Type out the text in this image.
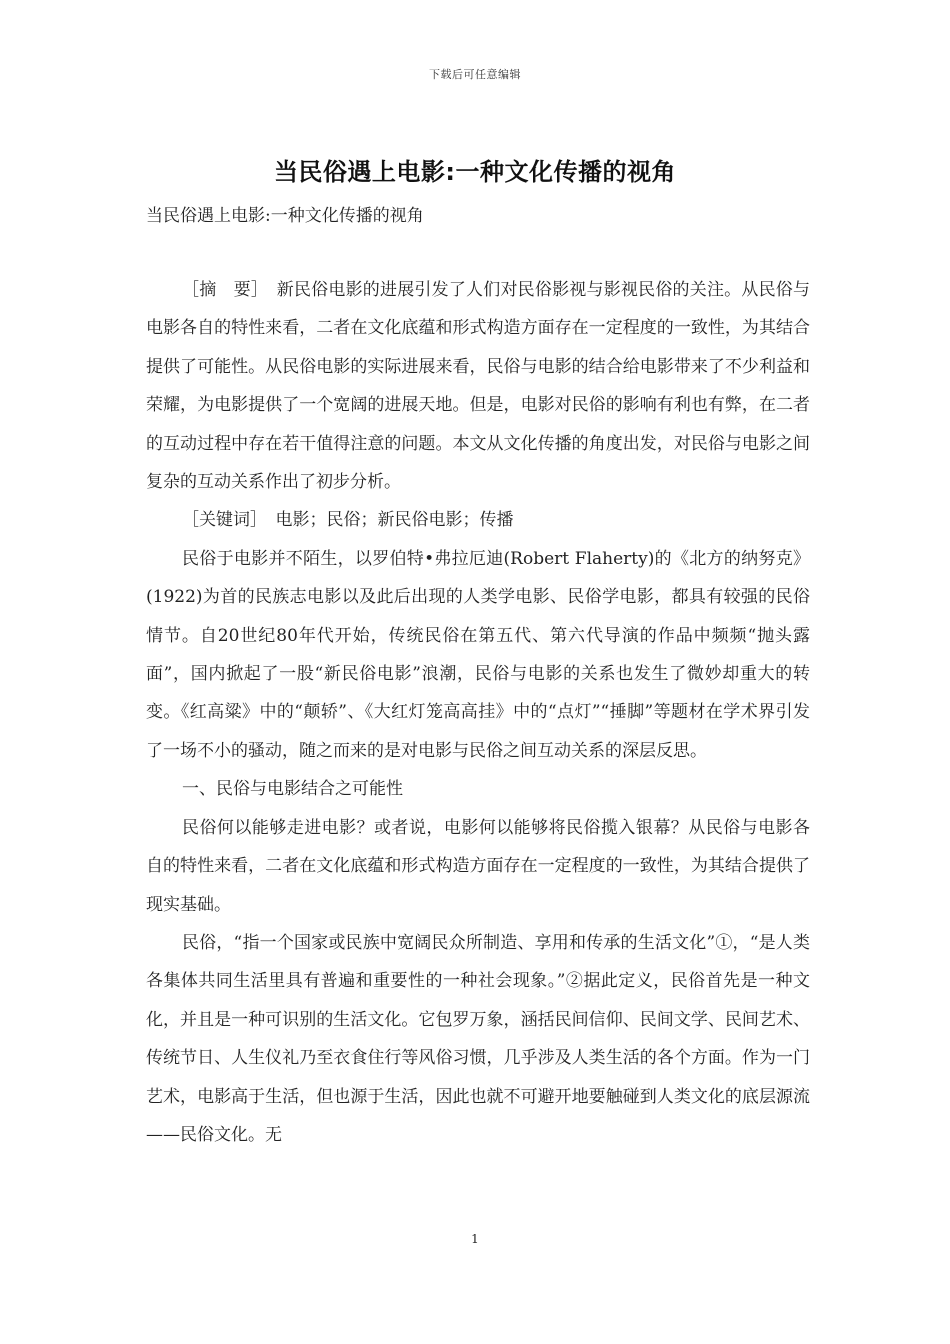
下载后可任意编辑
当民俗遇上电影:一种文化传播的视角
当民俗遇上电影:一种文化传播的视角

［摘　要］　新民俗电影的进展引发了人们对民俗影视与影视民俗的关注。从民俗与电影各自的特性来看，二者在文化底蕴和形式构造方面存在一定程度的一致性，为其结合提供了可能性。从民俗电影的实际进展来看，民俗与电影的结合给电影带来了不少利益和荣耀，为电影提供了一个宽阔的进展天地。但是，电影对民俗的影响有利也有弊，在二者的互动过程中存在若干值得注意的问题。本文从文化传播的角度出发，对民俗与电影之间复杂的互动关系作出了初步分析。

［关键词］　电影；民俗；新民俗电影；传播

民俗于电影并不陌生，以罗伯特•弗拉厄迪(Robert Flaherty)的《北方的纳努克》(1922)为首的民族志电影以及此后出现的人类学电影、民俗学电影，都具有较强的民俗情节。自20世纪80年代开始，传统民俗在第五代、第六代导演的作品中频频“抛头露面”，国内掀起了一股“新民俗电影”浪潮，民俗与电影的关系也发生了微妙却重大的转变。《红高粱》中的“颠轿”、《大红灯笼高高挂》中的“点灯”“捶脚”等题材在学术界引发了一场不小的骚动，随之而来的是对电影与民俗之间互动关系的深层反思。

一、民俗与电影结合之可能性

民俗何以能够走进电影？或者说，电影何以能够将民俗揽入银幕？从民俗与电影各自的特性来看，二者在文化底蕴和形式构造方面存在一定程度的一致性，为其结合提供了现实基础。

民俗，“指一个国家或民族中宽阔民众所制造、享用和传承的生活文化”①，“是人类各集体共同生活里具有普遍和重要性的一种社会现象。”②据此定义，民俗首先是一种文化，并且是一种可识别的生活文化。它包罗万象，涵括民间信仰、民间文学、民间艺术、传统节日、人生仪礼乃至衣食住行等风俗习惯，几乎涉及人类生活的各个方面。作为一门艺术，电影高于生活，但也源于生活，因此也就不可避开地要触碰到人类文化的底层源流——民俗文化。无

1
